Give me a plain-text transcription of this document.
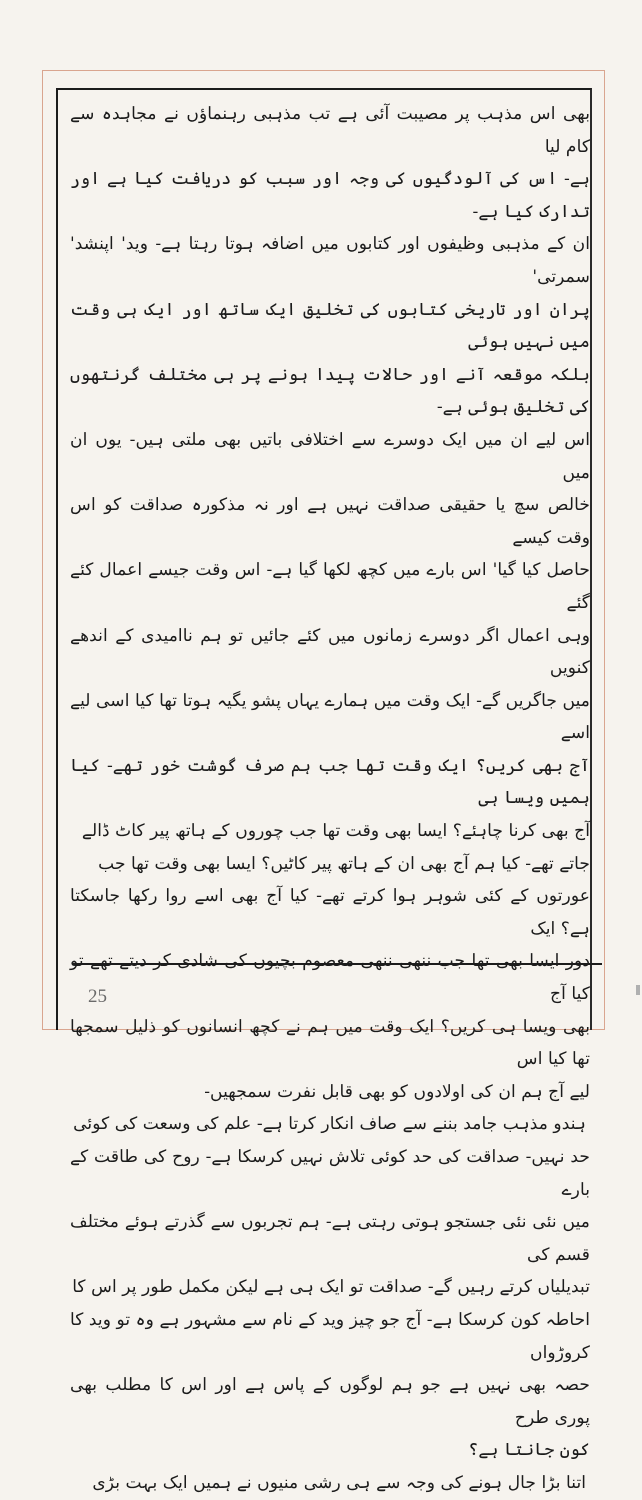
بھی اس مذہب پر مصیبت آئی ہے تب مذہبی رہنماؤں نے مجاہدہ سے کام لیا

ہے- اس کی آلودگیوں کی وجہ اور سبب کو دریافت کیا ہے اور تدارک کیا ہے-

ان کے مذہبی وظیفوں اور کتابوں میں اضافہ ہوتا رہتا ہے- وید' اپنشد' سمرتی'

پران اور تاریخی کتابوں کی تخلیق ایک ساتھ اور ایک ہی وقت میں نہیں ہوئی

بلکہ موقعہ آنے اور حالات پیدا ہونے پر ہی مختلف گرنتھوں کی تخلیق ہوئی ہے-

اس لیے ان میں ایک دوسرے سے اختلافی باتیں بھی ملتی ہیں- یوں ان میں

خالص سچ یا حقیقی صداقت نہیں ہے اور نہ مذکورہ صداقت کو اس وقت کیسے

حاصل کیا گیا' اس بارے میں کچھ لکھا گیا ہے- اس وقت جیسے اعمال کئے گئے

وہی اعمال اگر دوسرے زمانوں میں کئے جائیں تو ہم ناامیدی کے اندھے کنویں

میں جاگریں گے- ایک وقت میں ہمارے یہاں پشو یگیہ ہوتا تھا کیا اسی لیے اسے

آج بھی کریں؟ ایک وقت تھا جب ہم صرف گوشت خور تھے- کیا ہمیں ویسا ہی

آج بھی کرنا چاہئے؟ ایسا بھی وقت تھا جب چوروں کے ہاتھ پیر کاٹ ڈالے

جاتے تھے- کیا ہم آج بھی ان کے ہاتھ پیر کاٹیں؟ ایسا بھی وقت تھا جب

عورتوں کے کئی شوہر ہوا کرتے تھے- کیا آج بھی اسے روا رکھا جاسکتا ہے؟ ایک

دور ایسا بھی تھا جب ننھی ننھی معصوم بچیوں کی شادی کر دیتے تھے تو کیا آج

بھی ویسا ہی کریں؟ ایک وقت میں ہم نے کچھ انسانوں کو ذلیل سمجھا تھا کیا اس

لیے آج ہم ان کی اولادوں کو بھی قابل نفرت سمجھیں-

ہندو مذہب جامد بننے سے صاف انکار کرتا ہے- علم کی وسعت کی کوئی

حد نہیں- صداقت کی حد کوئی تلاش نہیں کرسکا ہے- روح کی طاقت کے بارے

میں نئی نئی جستجو ہوتی رہتی ہے- ہم تجربوں سے گذرتے ہوئے مختلف قسم کی

تبدیلیاں کرتے رہیں گے- صداقت تو ایک ہی ہے لیکن مکمل طور پر اس کا

احاطہ کون کرسکا ہے- آج جو چیز وید کے نام سے مشہور ہے وہ تو وید کا کروڑواں

حصہ بھی نہیں ہے جو ہم لوگوں کے پاس ہے اور اس کا مطلب بھی پوری طرح

کون جانتا ہے؟

اتنا بڑا جال ہونے کی وجہ سے ہی رشی منیوں نے ہمیں ایک بہت بڑی

25
